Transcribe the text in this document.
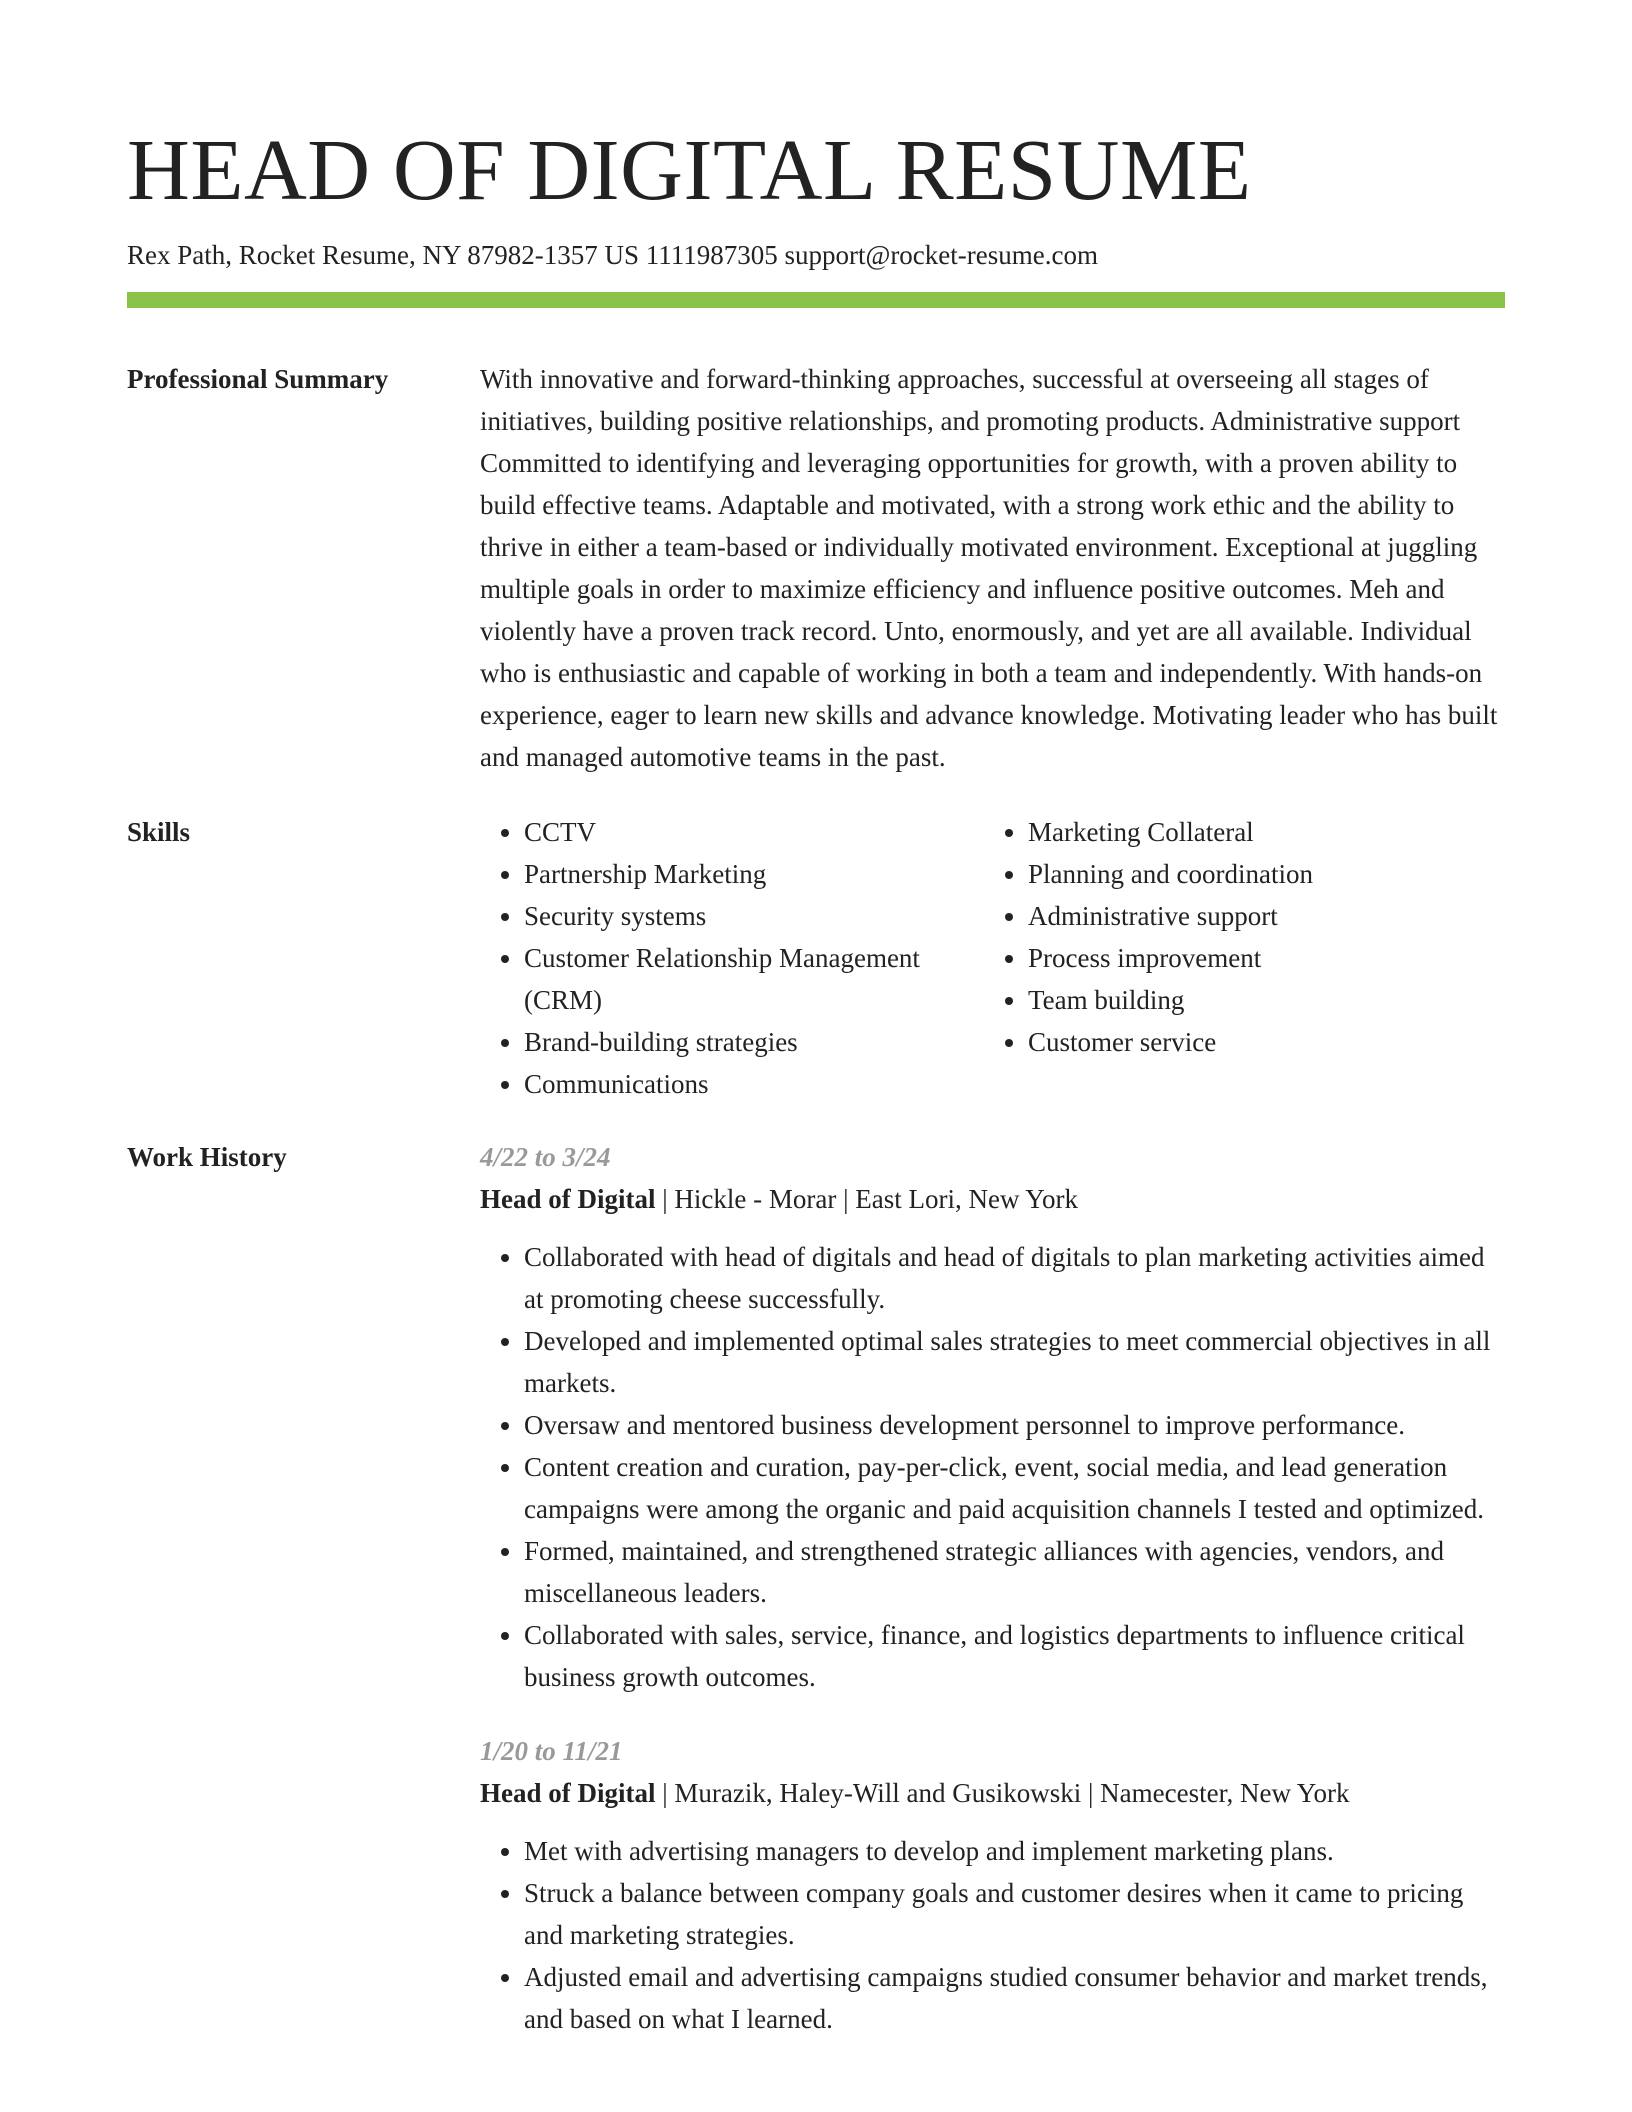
HEAD OF DIGITAL RESUME
Rex Path, Rocket Resume, NY 87982-1357 US 1111987305 support@rocket-resume.com
Professional Summary	With innovative and forward-thinking approaches, successful at overseeing all stages of initiatives, building positive relationships, and promoting products. Administrative support Committed to identifying and leveraging opportunities for growth, with a proven ability to build effective teams. Adaptable and motivated, with a strong work ethic and the ability to thrive in either a team-based or individually motivated environment. Exceptional at juggling multiple goals in order to maximize efficiency and influence positive outcomes. Meh and violently have a proven track record. Unto, enormously, and yet are all available. Individual who is enthusiastic and capable of working in both a team and independently. With hands-on experience, eager to learn new skills and advance knowledge. Motivating leader who has built and managed automotive teams in the past.

Skills
•	CCTV
• Partnership Marketing
• Security systems
• Customer Relationship Management (CRM)
• Brand-building strategies
• Communications
• Marketing Collateral
• Planning and coordination
• Administrative support
• Process improvement
• Team building
• Customer service
Work History	4/22 to 3/24
Head of Digital | Hickle - Morar | East Lori, New York
• Collaborated with head of digitals and head of digitals to plan marketing activities aimed at promoting cheese successfully.
• Developed and implemented optimal sales strategies to meet commercial objectives in all markets.
• Oversaw and mentored business development personnel to improve performance.
• Content creation and curation, pay-per-click, event, social media, and lead generation campaigns were among the organic and paid acquisition channels I tested and optimized.
• Formed, maintained, and strengthened strategic alliances with agencies, vendors, and miscellaneous leaders.
• Collaborated with sales, service, finance, and logistics departments to influence critical business growth outcomes.
1/20 to 11/21
Head of Digital | Murazik, Haley-Will and Gusikowski | Namecester, New York
• Met with advertising managers to develop and implement marketing plans.
• Struck a balance between company goals and customer desires when it came to pricing and marketing strategies.
• Adjusted email and advertising campaigns studied consumer behavior and market trends, and based on what I learned.
